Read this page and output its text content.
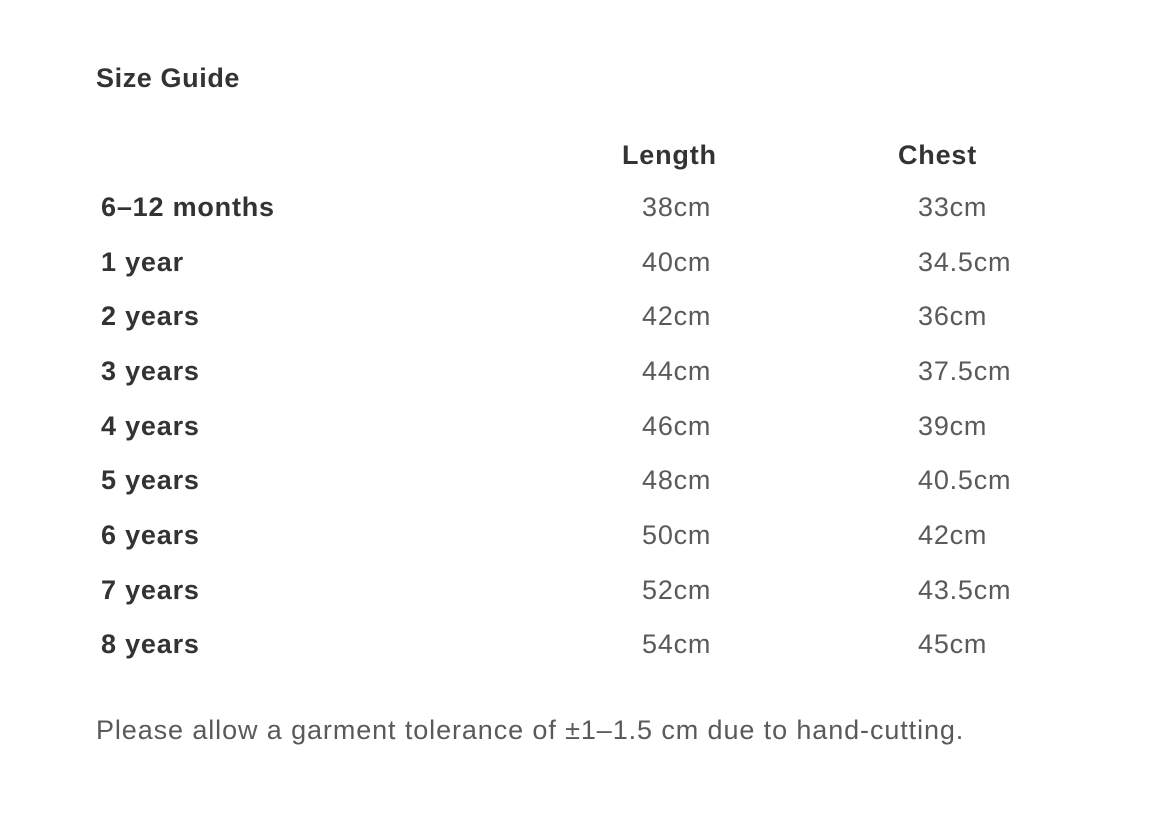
Size Guide
	Length	Chest
6–12 months	38cm	33cm
1 year	40cm	34.5cm
2 years	42cm	36cm
3 years	44cm	37.5cm
4 years	46cm	39cm
5 years	48cm	40.5cm
6 years	50cm	42cm
7 years	52cm	43.5cm
8 years	54cm	45cm

Please allow a garment tolerance of ±1–1.5 cm due to hand-cutting.
